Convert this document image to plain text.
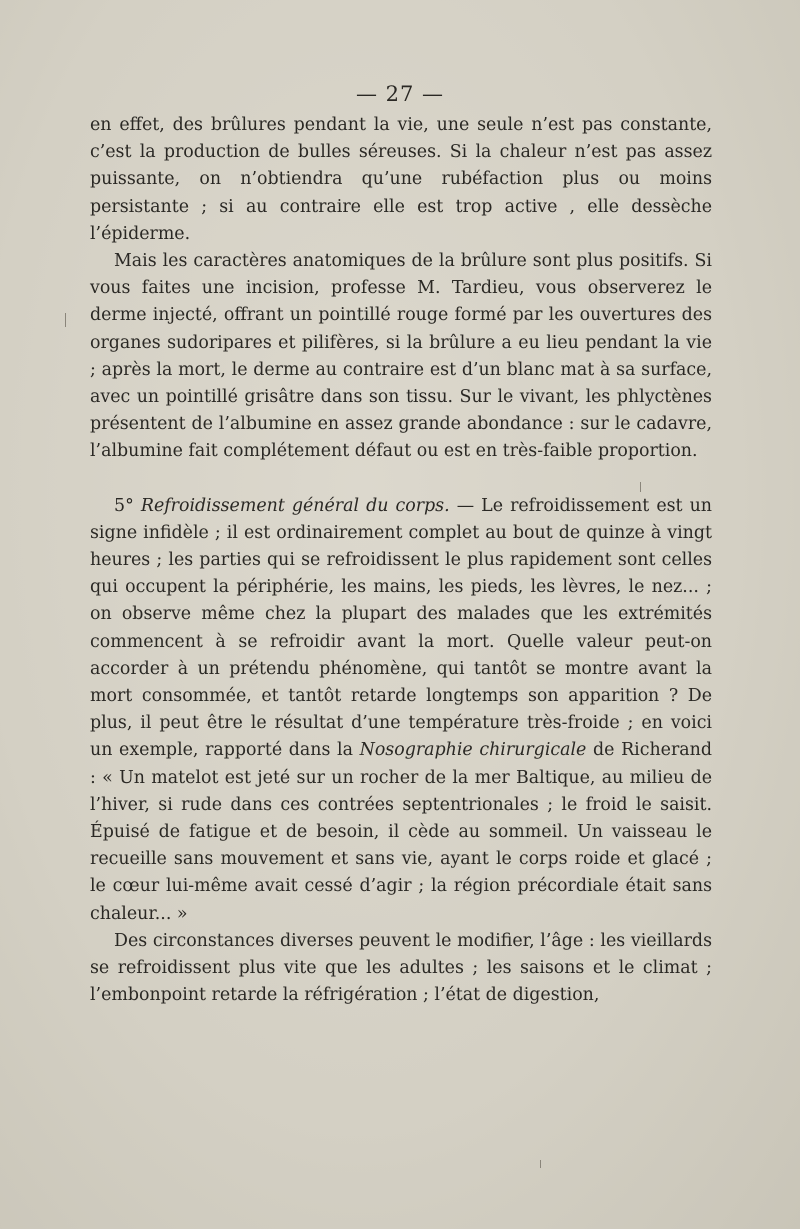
— 27 —

en effet, des brûlures pendant la vie, une seule n’est pas constante, c’est la production de bulles séreuses. Si la chaleur n’est pas assez puissante, on n’obtiendra qu’une rubéfaction plus ou moins persistante ; si au contraire elle est trop active , elle dessèche l’épiderme.

Mais les caractères anatomiques de la brûlure sont plus positifs. Si vous faites une incision, professe M. Tardieu, vous observerez le derme injecté, offrant un pointillé rouge formé par les ouvertures des organes sudoripares et pilifères, si la brûlure a eu lieu pendant la vie ; après la mort, le derme au contraire est d’un blanc mat à sa surface, avec un pointillé grisâtre dans son tissu. Sur le vivant, les phlyctènes présentent de l’albumine en assez grande abondance : sur le cadavre, l’albumine fait complétement défaut ou est en très-faible proportion.

5° Refroidissement général du corps. — Le refroidissement est un signe infidèle ; il est ordinairement complet au bout de quinze à vingt heures ; les parties qui se refroidissent le plus rapidement sont celles qui occupent la périphérie, les mains, les pieds, les lèvres, le nez... ; on observe même chez la plupart des malades que les extrémités commencent à se refroidir avant la mort. Quelle valeur peut-on accorder à un prétendu phénomène, qui tantôt se montre avant la mort consommée, et tantôt retarde longtemps son apparition ? De plus, il peut être le résultat d’une température très-froide ; en voici un exemple, rapporté dans la Nosographie chirurgicale de Richerand : « Un matelot est jeté sur un rocher de la mer Baltique, au milieu de l’hiver, si rude dans ces contrées septentrionales ; le froid le saisit. Épuisé de fatigue et de besoin, il cède au sommeil. Un vaisseau le recueille sans mouvement et sans vie, ayant le corps roide et glacé ; le cœur lui-même avait cessé d’agir ; la région précordiale était sans chaleur... »

Des circonstances diverses peuvent le modifier, l’âge : les vieillards se refroidissent plus vite que les adultes ; les saisons et le climat ; l’embonpoint retarde la réfrigération ; l’état de digestion,
